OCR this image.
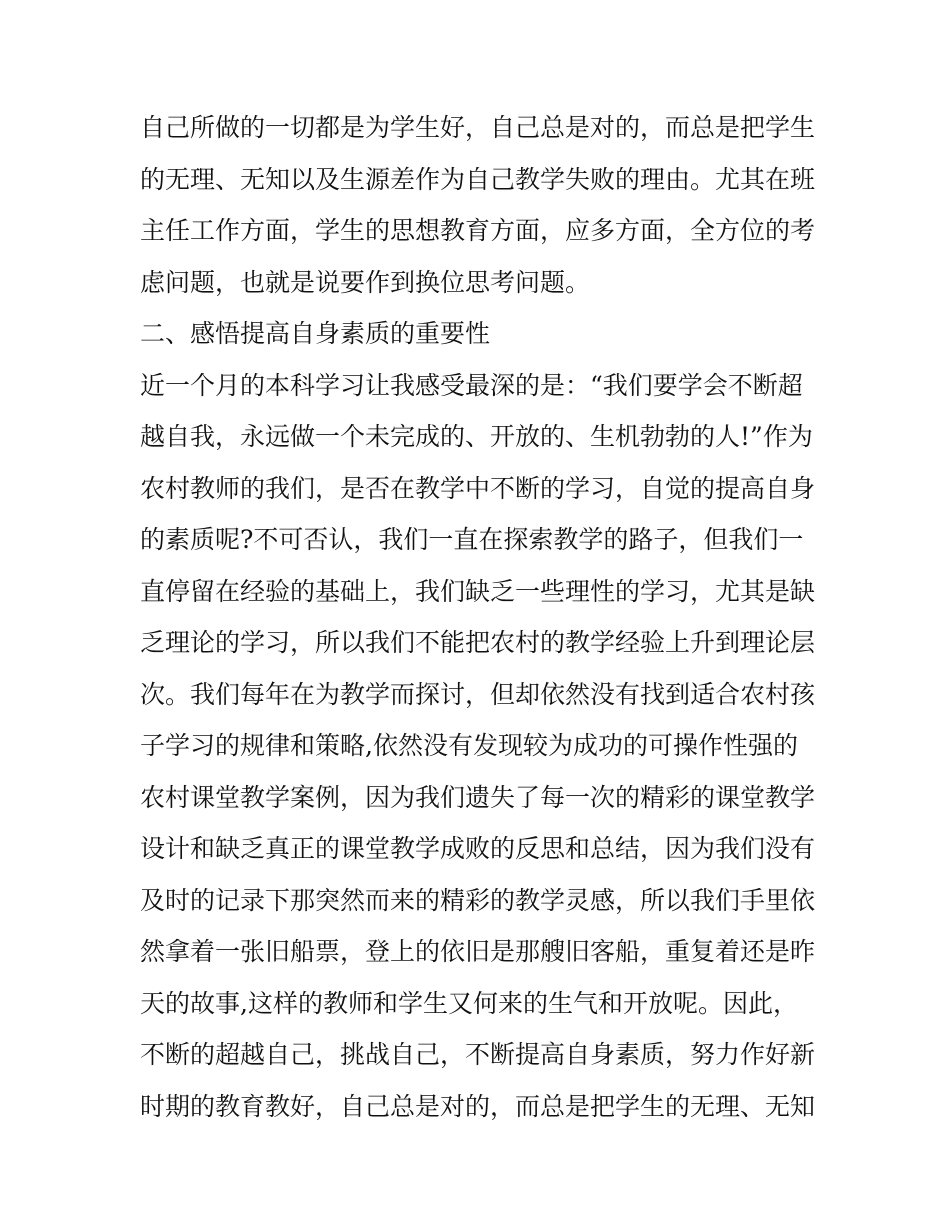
自己所做的一切都是为学生好，自己总是对的，而总是把学生
的无理、无知以及生源差作为自己教学失败的理由。尤其在班
主任工作方面，学生的思想教育方面，应多方面，全方位的考
虑问题，也就是说要作到换位思考问题。
二、感悟提高自身素质的重要性
近一个月的本科学习让我感受最深的是：“我们要学会不断超
越自我，永远做一个未完成的、开放的、生机勃勃的人!”作为
农村教师的我们，是否在教学中不断的学习，自觉的提高自身
的素质呢?不可否认，我们一直在探索教学的路子，但我们一
直停留在经验的基础上，我们缺乏一些理性的学习，尤其是缺
乏理论的学习，所以我们不能把农村的教学经验上升到理论层
次。我们每年在为教学而探讨，但却依然没有找到适合农村孩
子学习的规律和策略,依然没有发现较为成功的可操作性强的
农村课堂教学案例，因为我们遗失了每一次的精彩的课堂教学
设计和缺乏真正的课堂教学成败的反思和总结，因为我们没有
及时的记录下那突然而来的精彩的教学灵感，所以我们手里依
然拿着一张旧船票，登上的依旧是那艘旧客船，重复着还是昨
天的故事,这样的教师和学生又何来的生气和开放呢。因此，
不断的超越自己，挑战自己，不断提高自身素质，努力作好新
时期的教育教好，自己总是对的，而总是把学生的无理、无知
